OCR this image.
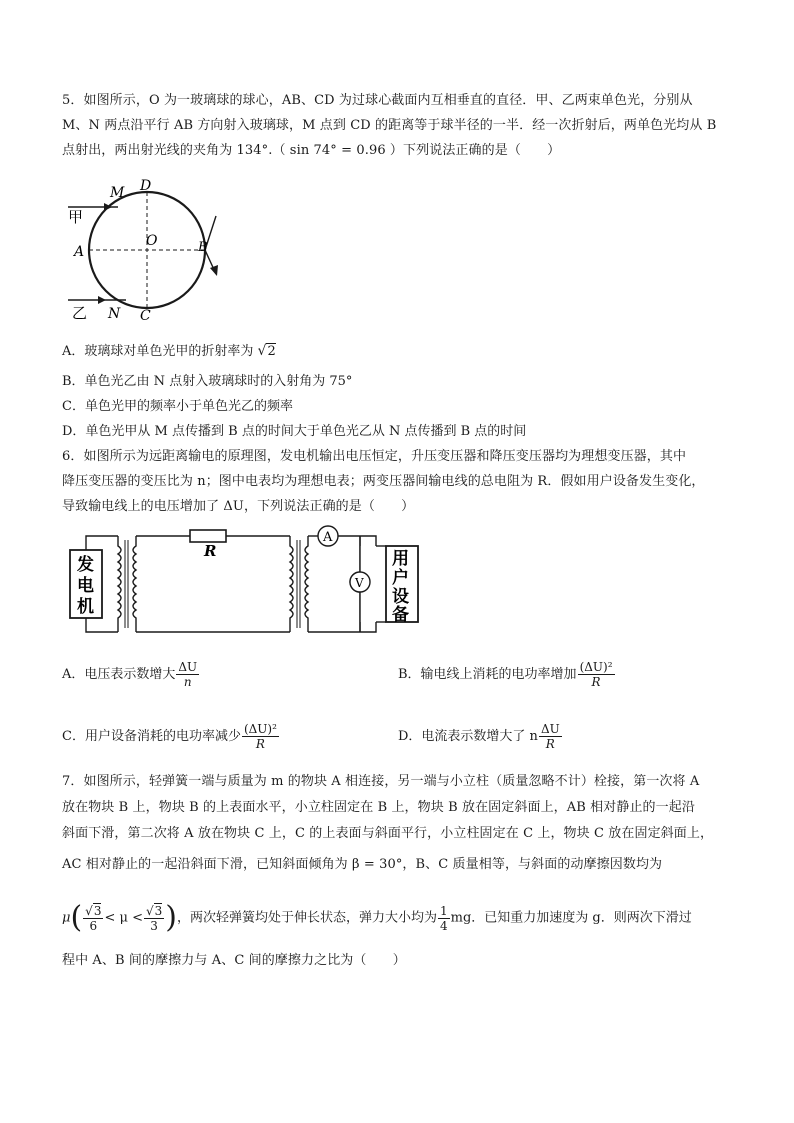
5．如图所示，O 为一玻璃球的球心，AB、CD 为过球心截面内互相垂直的直径．甲、乙两束单色光，分别从
M、N 两点沿平行 AB 方向射入玻璃球，M 点到 CD 的距离等于球半径的一半．经一次折射后，两单色光均从 B
点射出，两出射光线的夹角为 134°.（ sin 74° = 0.96 ）下列说法正确的是（　　）
M D
甲
A
O	B
乙 N C
A．玻璃球对单色光甲的折射率为 √2
B．单色光乙由 N 点射入玻璃球时的入射角为 75°
C．单色光甲的频率小于单色光乙的频率
D．单色光甲从 M 点传播到 B 点的时间大于单色光乙从 N 点传播到 B 点的时间
6．如图所示为远距离输电的原理图，发电机输出电压恒定，升压变压器和降压变压器均为理想变压器，其中
降压变压器的变压比为 n；图中电表均为理想电表；两变压器间输电线的总电阻为 R．假如用户设备发生变化，
导致输电线上的电压增加了 ΔU，下列说法正确的是（　　）
发
电
机
R
A
V
用
户
设
备
A．电压表示数增大 $\frac{\Delta U}{n}$	B．输电线上消耗的电功率增加 $\frac{\text{(ΔU)²}}{R}$
C．用户设备消耗的电功率减少 $\frac{\text{(ΔU)²}}{R}$	D．电流表示数增大了 n $\frac{\Delta U}{R}$
7．如图所示，轻弹簧一端与质量为 m 的物块 A 相连接，另一端与小立柱（质量忽略不计）栓接，第一次将 A
放在物块 B 上，物块 B 的上表面水平，小立柱固定在 B 上，物块 B 放在固定斜面上，AB 相对静止的一起沿
斜面下滑，第二次将 A 放在物块 C 上，C 的上表面与斜面平行，小立柱固定在 C 上，物块 C 放在固定斜面上，
AC 相对静止的一起沿斜面下滑，已知斜面倾角为 β = 30°，B、C 质量相等，与斜面的动摩擦因数均为
$\mu( \frac{√3}{6} < \mu < \frac{√3}{3}$ )，两次轻弹簧均处于伸长状态，弹力大小均为 $\frac{1}{4}$ mg．已知重力加速度为 g．则两次下滑过
程中 A、B 间的摩擦力与 A、C 间的摩擦力之比为（　　）
